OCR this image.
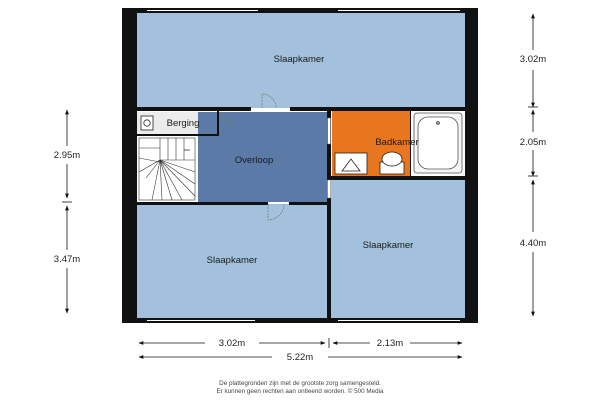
Slaapkamer
Berging
Overloop
Badkamer
Slaapkamer
Slaapkamer
3.02m
2.05m
4.40m
2.95m
3.47m
3.02m	2.13m
5.22m
De plattegronden zijn met de grootste zorg samengesteld.
Er kunnen geen rechten aan ontleend worden. © 500 Media
